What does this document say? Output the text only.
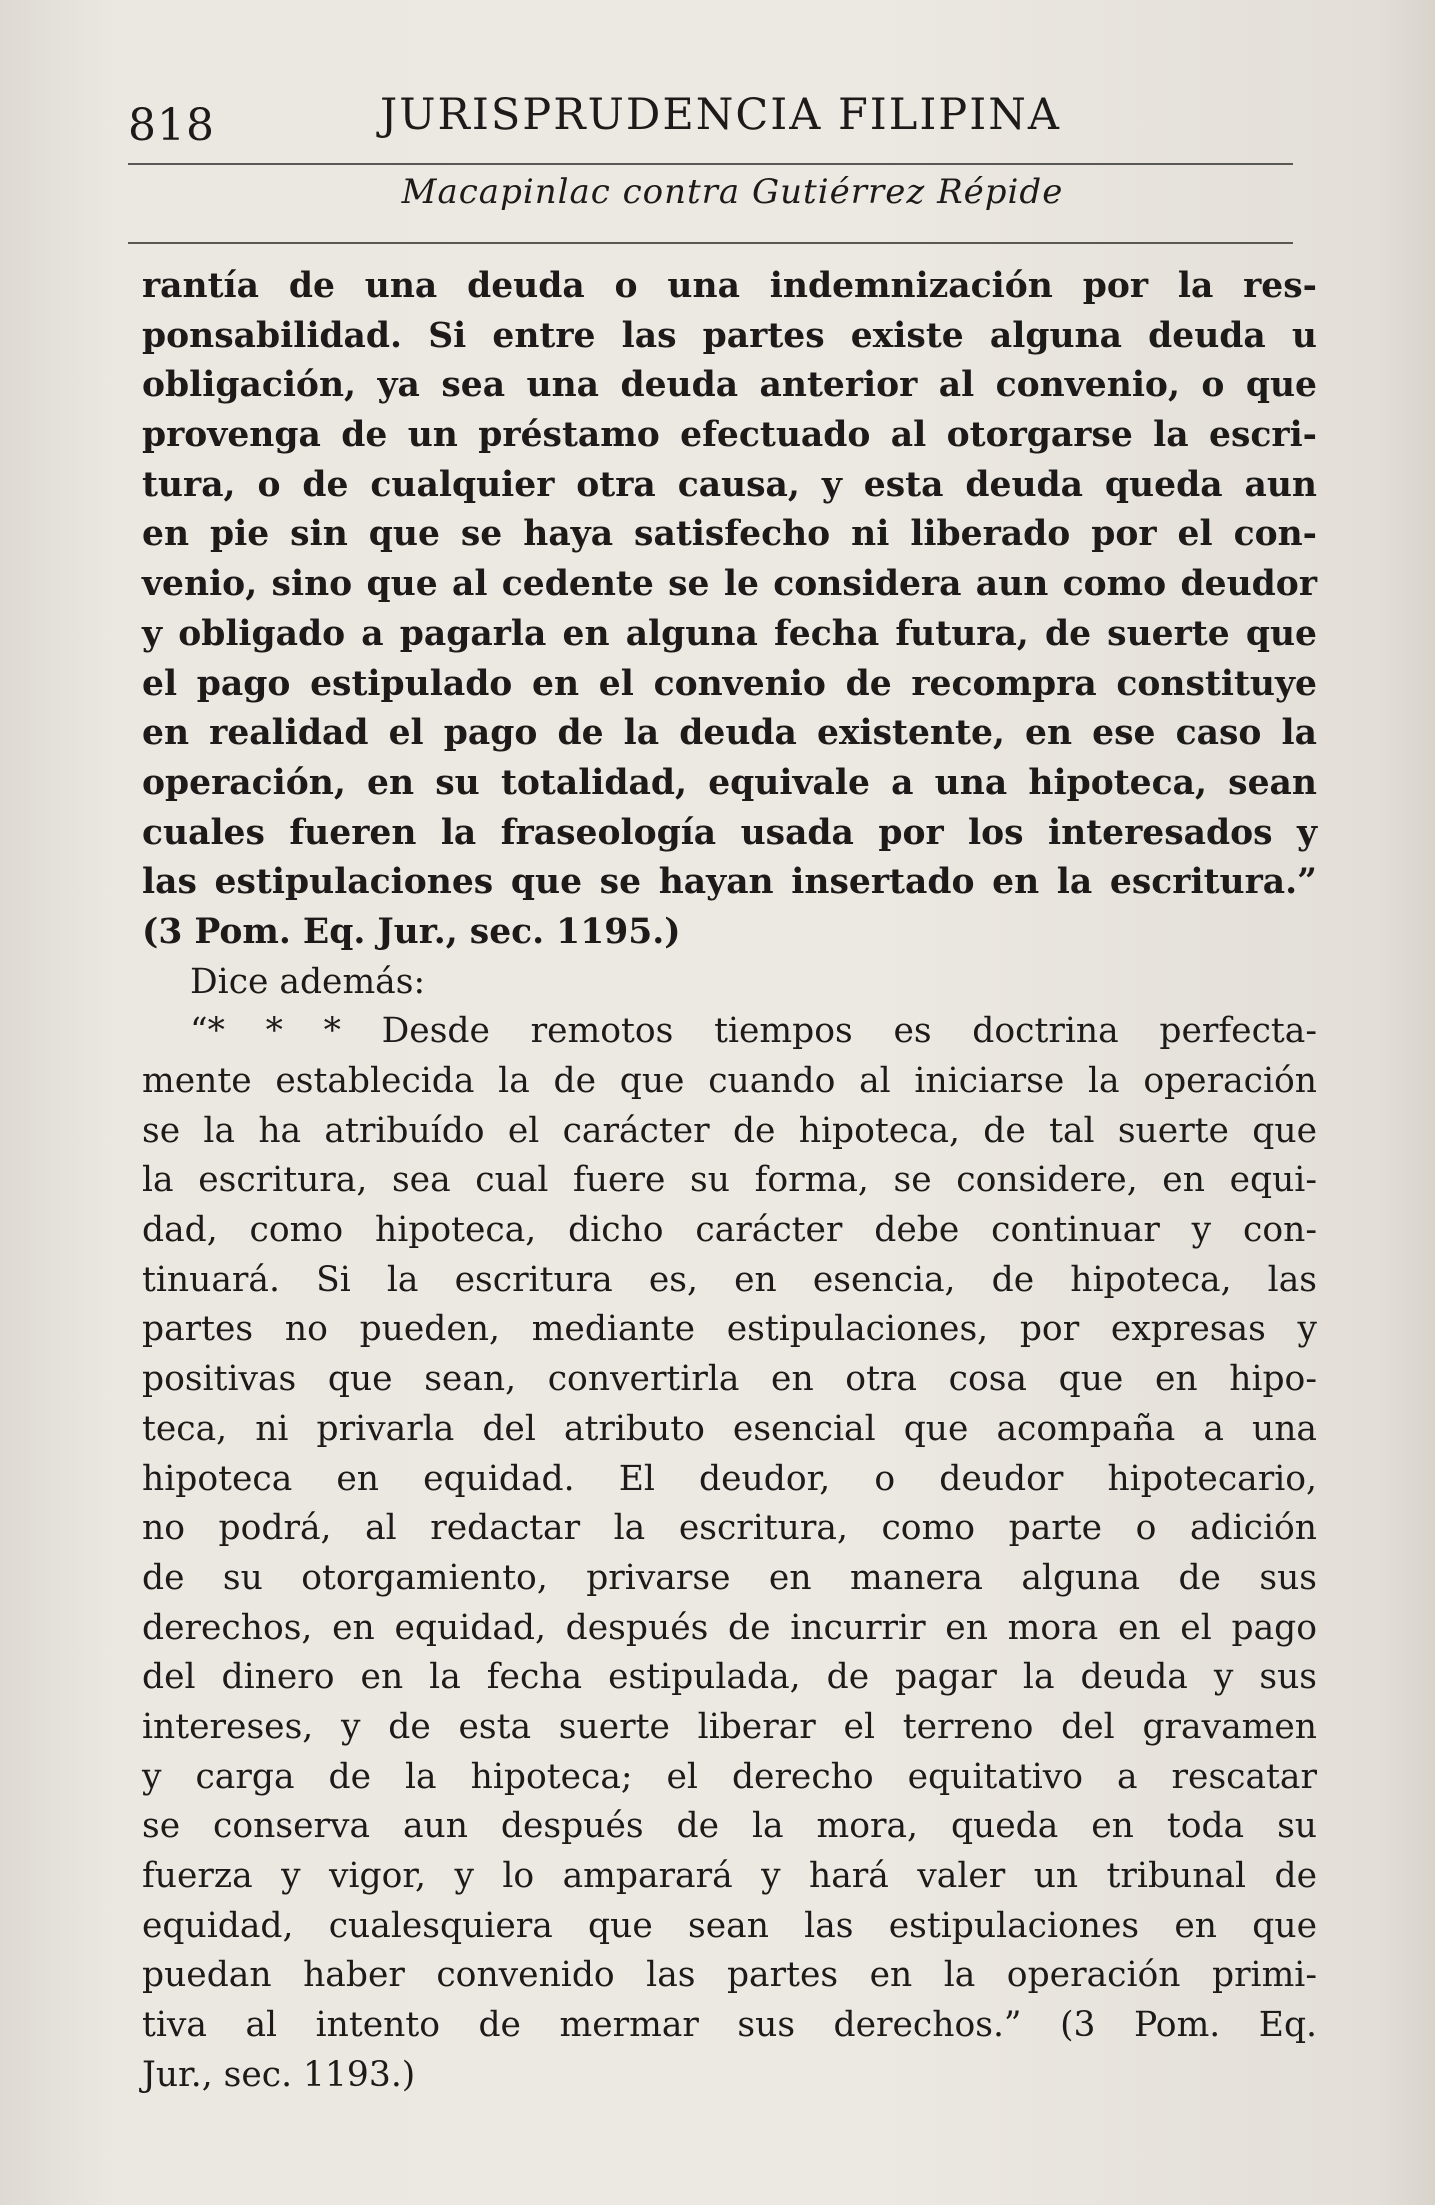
818	JURISPRUDENCIA FILIPINA
Macapinlac contra Gutiérrez Répide
rantía de una deuda o una indemnización por la res-
ponsabilidad. Si entre las partes existe alguna deuda u
obligación, ya sea una deuda anterior al convenio, o que
provenga de un préstamo efectuado al otorgarse la escri-
tura, o de cualquier otra causa, y esta deuda queda aun
en pie sin que se haya satisfecho ni liberado por el con-
venio, sino que al cedente se le considera aun como deudor
y obligado a pagarla en alguna fecha futura, de suerte que
el pago estipulado en el convenio de recompra constituye
en realidad el pago de la deuda existente, en ese caso la
operación, en su totalidad, equivale a una hipoteca, sean
cuales fueren la fraseología usada por los interesados y
las estipulaciones que se hayan insertado en la escritura.”
(3 Pom. Eq. Jur., sec. 1195.)
Dice además:
“* * * Desde remotos tiempos es doctrina perfecta-
mente establecida la de que cuando al iniciarse la operación
se la ha atribuído el carácter de hipoteca, de tal suerte que
la escritura, sea cual fuere su forma, se considere, en equi-
dad, como hipoteca, dicho carácter debe continuar y con-
tinuará. Si la escritura es, en esencia, de hipoteca, las
partes no pueden, mediante estipulaciones, por expresas y
positivas que sean, convertirla en otra cosa que en hipo-
teca, ni privarla del atributo esencial que acompaña a una
hipoteca en equidad. El deudor, o deudor hipotecario,
no podrá, al redactar la escritura, como parte o adición
de su otorgamiento, privarse en manera alguna de sus
derechos, en equidad, después de incurrir en mora en el pago
del dinero en la fecha estipulada, de pagar la deuda y sus
intereses, y de esta suerte liberar el terreno del gravamen
y carga de la hipoteca; el derecho equitativo a rescatar
se conserva aun después de la mora, queda en toda su
fuerza y vigor, y lo amparará y hará valer un tribunal de
equidad, cualesquiera que sean las estipulaciones en que
puedan haber convenido las partes en la operación primi-
tiva al intento de mermar sus derechos.” (3 Pom. Eq.
Jur., sec. 1193.)
